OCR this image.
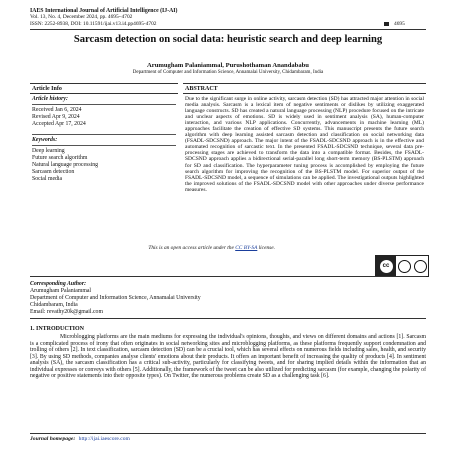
IAES International Journal of Artificial Intelligence (IJ-AI)
Vol. 13, No. 4, December 2024, pp. 4695~4702
ISSN: 2252-8938, DOI: 10.11591/ijai.v13.i4.pp4695-4702	4695
Sarcasm detection on social data: heuristic search and deep learning
Arumugham Palaniammal, Purushothaman Anandababu
Department of Computer and Information Science, Annamalai University, Chidambaram, India
Article Info
Article history:
Received Jan 6, 2024
Revised Apr 9, 2024
Accepted Apr 17, 2024
Keywords:
Deep learning
Future search algorithm
Natural language processing
Sarcasm detection
Social media
ABSTRACT
Due to the significant surge in online activity, sarcasm detection (SD) has attracted major attention in social media analysis. Sarcasm is a lexical item of negative sentiments or dislikes by utilizing exaggerated language constructs. SD has created a natural language processing (NLP) procedure focused on the intricate and unclear aspects of emotions. SD is widely used in sentiment analysis (SA), human-computer interaction, and various NLP applications. Concurrently, advancements in machine learning (ML) approaches facilitate the creation of effective SD systems. This manuscript presents the future search algorithm with deep learning assisted sarcasm detection and classification on social networking data (FSADL-SDCSND) approach. The major intent of the FSADL-SDCSND approach is in the effective and automated recognition of sarcastic text. In the presented FSADL-SDCSND technique, several data pre-processing stages are achieved to transform the data into a compatible format. Besides, the FSADL-SDCSND approach applies a bidirectional serial-parallel long short-term memory (BS-PLSTM) approach for SD and classification. The hyperparameter tuning process is accomplished by employing the future search algorithm for improving the recognition of the BS-PLSTM model. For superior output of the FSADL-SDCSND model, a sequence of simulations can be applied. The investigational outputs highlighted the improved solutions of the FSADL-SDCSND model with other approaches under diverse performance measures.
This is an open access article under the CC BY-SA license.
cc
Corresponding Author:
Arumugham Palaniammal
Department of Computer and Information Science, Annamalai University
Chidambaram, India
Email: revathy20k@gmail.com
1. INTRODUCTION

Microblogging platforms are the main mediums for expressing the individual's opinions, thoughts, and views on different domains and actions [1]. Sarcasm is a complicated process of irony that often originates in social networking sites and microblogging platforms, as these platforms frequently support condemnation and trolling of others [2]. In text classification, sarcasm detection (SD) can be a crucial tool, which has several effects on numerous fields including sales, health, and security [3]. By using SD methods, companies analyse clients' emotions about their products. It offers an important benefit of increasing the quality of products [4]. In sentiment analysis (SA), the sarcasm classification has a critical sub-activity, particularly for classifying tweets, and for sharing implied details within the information that an individual expresses or conveys with others [5]. Additionally, the framework of the tweet can be also utilized for predicting sarcasm (for example, changing the polarity of negative or positive statements into their opposite types). On Twitter, the numerous problems create SD as a challenging task [6].

Journal homepage: http://ijai.iaescore.com
